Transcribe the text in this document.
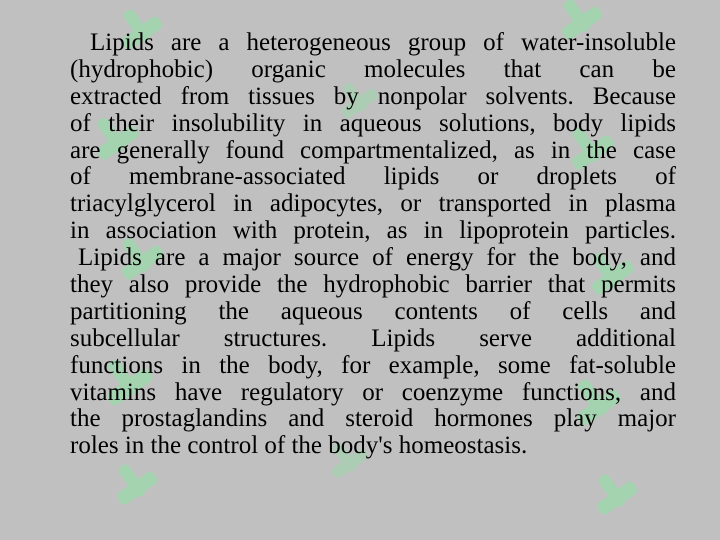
Lipids are a heterogeneous group of water-insoluble
(hydrophobic) organic molecules that can be
extracted from tissues by nonpolar solvents. Because
of their insolubility in aqueous solutions, body lipids
are generally found compartmentalized, as in the case
of membrane-associated lipids or droplets of
triacylglycerol in adipocytes, or transported in plasma
in association with protein, as in lipoprotein particles.
Lipids are a major source of energy for the body, and
they also provide the hydrophobic barrier that permits
partitioning the aqueous contents of cells and
subcellular structures. Lipids serve additional
functions in the body, for example, some fat-soluble
vitamins have regulatory or coenzyme functions, and
the prostaglandins and steroid hormones play major
roles in the control of the body's homeostasis.
